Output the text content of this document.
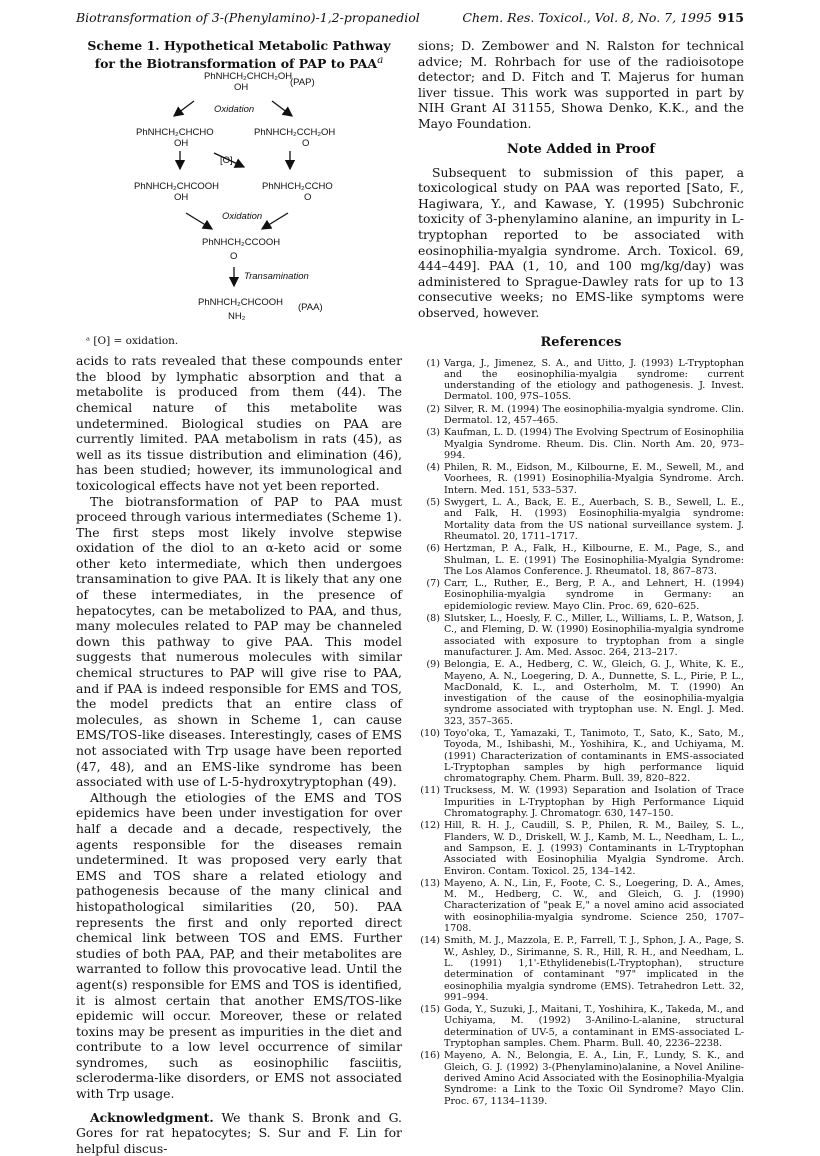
Biotransformation of 3-(Phenylamino)-1,2-propanediol	Chem. Res. Toxicol., Vol. 8, No. 7, 1995 915

Scheme 1. Hypothetical Metabolic Pathway for the Biotransformation of PAP to PAA$^a$

PhNHCH₂CHCH₂OH
OH	(PAP)
Oxidation
PhNHCH₂CHCHO
OH
PhNHCH₂CCH₂OH
O
[O]
PhNHCH₂CHCOOH
OH
PhNHCH₂CCHO
O
Oxidation
PhNHCH₂CCOOH
O
Transamination
PhNHCH₂CHCOOH
NH₂
(PAA)
ᵃ [O] = oxidation.

acids to rats revealed that these compounds enter the blood by lymphatic absorption and that a metabolite is produced from them (44). The chemical nature of this metabolite was undetermined. Biological studies on PAA are currently limited. PAA metabolism in rats (45), as well as its tissue distribution and elimination (46), has been studied; however, its immunological and toxicological effects have not yet been reported.

The biotransformation of PAP to PAA must proceed through various intermediates (Scheme 1). The first steps most likely involve stepwise oxidation of the diol to an α-keto acid or some other keto intermediate, which then undergoes transamination to give PAA. It is likely that any one of these intermediates, in the presence of hepatocytes, can be metabolized to PAA, and thus, many molecules related to PAP may be channeled down this pathway to give PAA. This model suggests that numerous molecules with similar chemical structures to PAP will give rise to PAA, and if PAA is indeed responsible for EMS and TOS, the model predicts that an entire class of molecules, as shown in Scheme 1, can cause EMS/TOS-like diseases. Interestingly, cases of EMS not associated with Trp usage have been reported (47, 48), and an EMS-like syndrome has been associated with use of L-5-hydroxytryptophan (49).

Although the etiologies of the EMS and TOS epidemics have been under investigation for over half a decade and a decade, respectively, the agents responsible for the diseases remain undetermined. It was proposed very early that EMS and TOS share a related etiology and pathogenesis because of the many clinical and histopathological similarities (20, 50). PAA represents the first and only reported direct chemical link between TOS and EMS. Further studies of both PAA, PAP, and their metabolites are warranted to follow this provocative lead. Until the agent(s) responsible for EMS and TOS is identified, it is almost certain that another EMS/TOS-like epidemic will occur. Moreover, these or related toxins may be present as impurities in the diet and contribute to a low level occurrence of similar syndromes, such as eosinophilic fasciitis, scleroderma-like disorders, or EMS not associated with Trp usage.

Acknowledgment. We thank S. Bronk and G. Gores for rat hepatocytes; S. Sur and F. Lin for helpful discus-

sions; D. Zembower and N. Ralston for technical advice; M. Rohrbach for use of the radioisotope detector; and D. Fitch and T. Majerus for human liver tissue. This work was supported in part by NIH Grant AI 31155, Showa Denko, K.K., and the Mayo Foundation.

Note Added in Proof

Subsequent to submission of this paper, a toxicological study on PAA was reported [Sato, F., Hagiwara, Y., and Kawase, Y. (1995) Subchronic toxicity of 3-phenylamino alanine, an impurity in L-tryptophan reported to be associated with eosinophilia-myalgia syndrome. Arch. Toxicol. 69, 444–449]. PAA (1, 10, and 100 mg/kg/day) was administered to Sprague-Dawley rats for up to 13 consecutive weeks; no EMS-like symptoms were observed, however.

References
(1) Varga, J., Jimenez, S. A., and Uitto, J. (1993) L-Tryptophan and the eosinophilia-myalgia syndrome: current understanding of the etiology and pathogenesis. J. Invest. Dermatol. 100, 97S–105S.
(2) Silver, R. M. (1994) The eosinophilia-myalgia syndrome. Clin. Dermatol. 12, 457–465.
(3) Kaufman, L. D. (1994) The Evolving Spectrum of Eosinophilia Myalgia Syndrome. Rheum. Dis. Clin. North Am. 20, 973–994.
(4) Philen, R. M., Eidson, M., Kilbourne, E. M., Sewell, M., and Voorhees, R. (1991) Eosinophilia-Myalgia Syndrome. Arch. Intern. Med. 151, 533–537.
(5) Swygert, L. A., Back, E. E., Auerbach, S. B., Sewell, L. E., and Falk, H. (1993) Eosinophilia-myalgia syndrome: Mortality data from the US national surveillance system. J. Rheumatol. 20, 1711–1717.
(6) Hertzman, P. A., Falk, H., Kilbourne, E. M., Page, S., and Shulman, L. E. (1991) The Eosinophilia-Myalgia Syndrome: The Los Alamos Conference. J. Rheumatol. 18, 867–873.
(7) Carr, L., Ruther, E., Berg, P. A., and Lehnert, H. (1994) Eosinophilia-myalgia syndrome in Germany: an epidemiologic review. Mayo Clin. Proc. 69, 620–625.
(8) Slutsker, L., Hoesly, F. C., Miller, L., Williams, L. P., Watson, J. C., and Fleming, D. W. (1990) Eosinophilia-myalgia syndrome associated with exposure to tryptophan from a single manufacturer. J. Am. Med. Assoc. 264, 213–217.
(9) Belongia, E. A., Hedberg, C. W., Gleich, G. J., White, K. E., Mayeno, A. N., Loegering, D. A., Dunnette, S. L., Pirie, P. L., MacDonald, K. L., and Osterholm, M. T. (1990) An investigation of the cause of the eosinophilia-myalgia syndrome associated with tryptophan use. N. Engl. J. Med. 323, 357–365.
(10) Toyo'oka, T., Yamazaki, T., Tanimoto, T., Sato, K., Sato, M., Toyoda, M., Ishibashi, M., Yoshihira, K., and Uchiyama, M. (1991) Characterization of contaminants in EMS-associated L-Tryptophan samples by high performance liquid chromatography. Chem. Pharm. Bull. 39, 820–822.
(11) Trucksess, M. W. (1993) Separation and Isolation of Trace Impurities in L-Tryptophan by High Performance Liquid Chromatography. J. Chromatogr. 630, 147–150.
(12) Hill, R. H. J., Caudill, S. P., Philen, R. M., Bailey, S. L., Flanders, W. D., Driskell, W. J., Kamb, M. L., Needham, L. L., and Sampson, E. J. (1993) Contaminants in L-Tryptophan Associated with Eosinophilia Myalgia Syndrome. Arch. Environ. Contam. Toxicol. 25, 134–142.
(13) Mayeno, A. N., Lin, F., Foote, C. S., Loegering, D. A., Ames, M. M., Hedberg, C. W., and Gleich, G. J. (1990) Characterization of "peak E," a novel amino acid associated with eosinophilia-myalgia syndrome. Science 250, 1707–1708.
(14) Smith, M. J., Mazzola, E. P., Farrell, T. J., Sphon, J. A., Page, S. W., Ashley, D., Sirimanne, S. R., Hill, R. H., and Needham, L. L. (1991) 1,1'-Ethylidenebis(L-Tryptophan), structure determination of contaminant "97" implicated in the eosinophilia myalgia syndrome (EMS). Tetrahedron Lett. 32, 991–994.
(15) Goda, Y., Suzuki, J., Maitani, T., Yoshihira, K., Takeda, M., and Uchiyama, M. (1992) 3-Anilino-L-alanine, structural determination of UV-5, a contaminant in EMS-associated L-Tryptophan samples. Chem. Pharm. Bull. 40, 2236–2238.
(16) Mayeno, A. N., Belongia, E. A., Lin, F., Lundy, S. K., and Gleich, G. J. (1992) 3-(Phenylamino)alanine, a Novel Aniline-derived Amino Acid Associated with the Eosinophilia-Myalgia Syndrome: a Link to the Toxic Oil Syndrome? Mayo Clin. Proc. 67, 1134–1139.
